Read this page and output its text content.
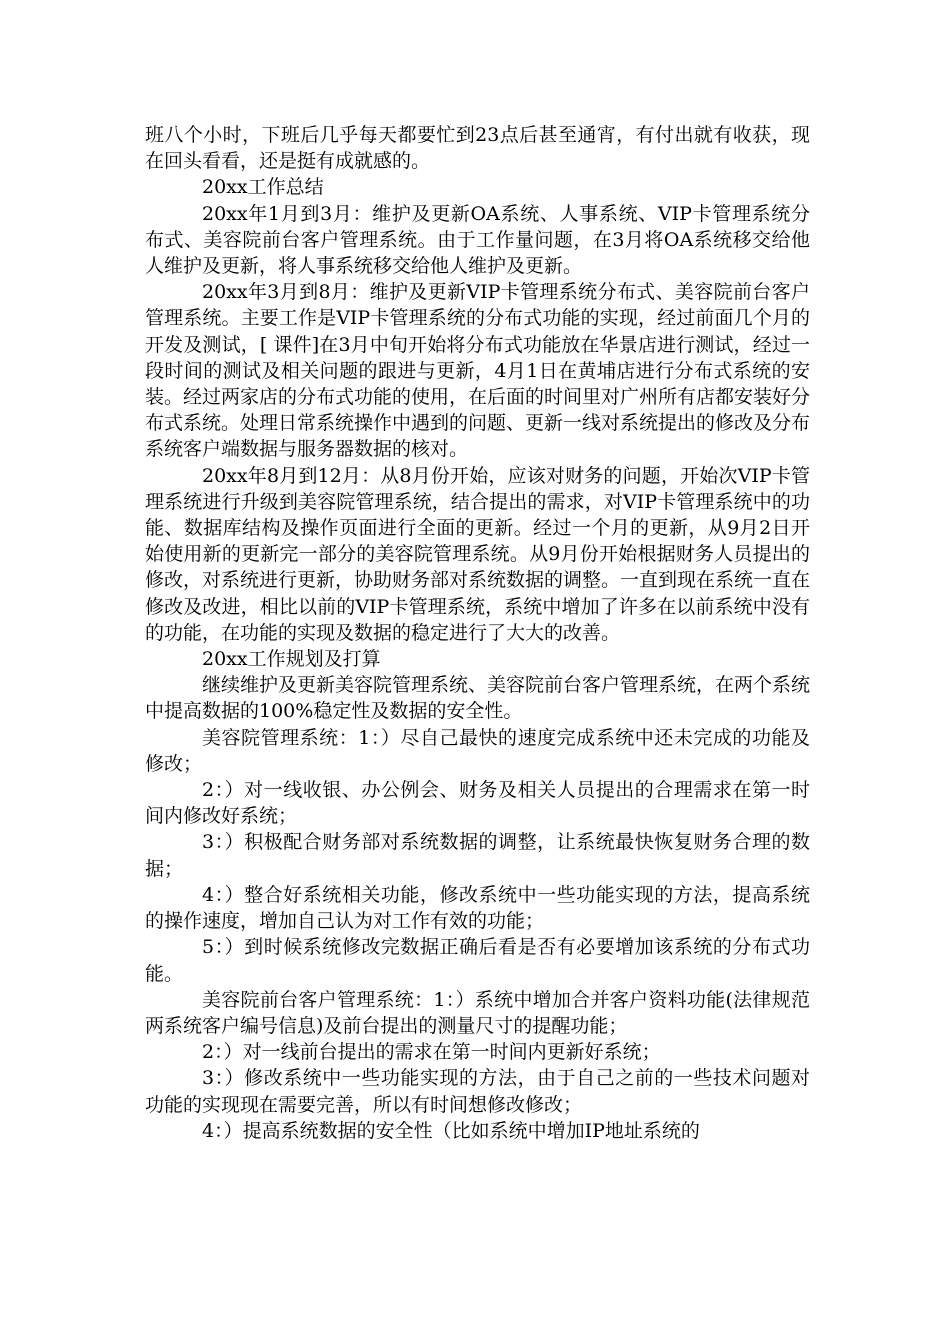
班八个小时，下班后几乎每天都要忙到23点后甚至通宵，有付出就有收获，现在回头看看，还是挺有成就感的。

20xx工作总结

20xx年1月到3月：维护及更新OA系统、人事系统、VIP卡管理系统分布式、美容院前台客户管理系统。由于工作量问题，在3月将OA系统移交给他人维护及更新，将人事系统移交给他人维护及更新。

20xx年3月到8月：维护及更新VIP卡管理系统分布式、美容院前台客户管理系统。主要工作是VIP卡管理系统的分布式功能的实现，经过前面几个月的开发及测试，[ 课件]在3月中旬开始将分布式功能放在华景店进行测试，经过一段时间的测试及相关问题的跟进与更新，4月1日在黄埔店进行分布式系统的安装。经过两家店的分布式功能的使用，在后面的时间里对广州所有店都安装好分布式系统。处理日常系统操作中遇到的问题、更新一线对系统提出的修改及分布系统客户端数据与服务器数据的核对。

20xx年8月到12月：从8月份开始，应该对财务的问题，开始次VIP卡管理系统进行升级到美容院管理系统，结合提出的需求，对VIP卡管理系统中的功能、数据库结构及操作页面进行全面的更新。经过一个月的更新，从9月2日开始使用新的更新完一部分的美容院管理系统。从9月份开始根据财务人员提出的修改，对系统进行更新，协助财务部对系统数据的调整。一直到现在系统一直在修改及改进，相比以前的VIP卡管理系统，系统中增加了许多在以前系统中没有的功能，在功能的实现及数据的稳定进行了大大的改善。

20xx工作规划及打算

继续维护及更新美容院管理系统、美容院前台客户管理系统，在两个系统中提高数据的100%稳定性及数据的安全性。

美容院管理系统：1：）尽自己最快的速度完成系统中还未完成的功能及修改；

2：）对一线收银、办公例会、财务及相关人员提出的合理需求在第一时间内修改好系统；

3：）积极配合财务部对系统数据的调整，让系统最快恢复财务合理的数据；

4：）整合好系统相关功能，修改系统中一些功能实现的方法，提高系统的操作速度，增加自己认为对工作有效的功能；

5：）到时候系统修改完数据正确后看是否有必要增加该系统的分布式功能。

美容院前台客户管理系统：1：）系统中增加合并客户资料功能(法律规范两系统客户编号信息)及前台提出的测量尺寸的提醒功能；

2：）对一线前台提出的需求在第一时间内更新好系统；

3：）修改系统中一些功能实现的方法，由于自己之前的一些技术问题对功能的实现现在需要完善，所以有时间想修改修改；

4：）提高系统数据的安全性（比如系统中增加IP地址系统的
